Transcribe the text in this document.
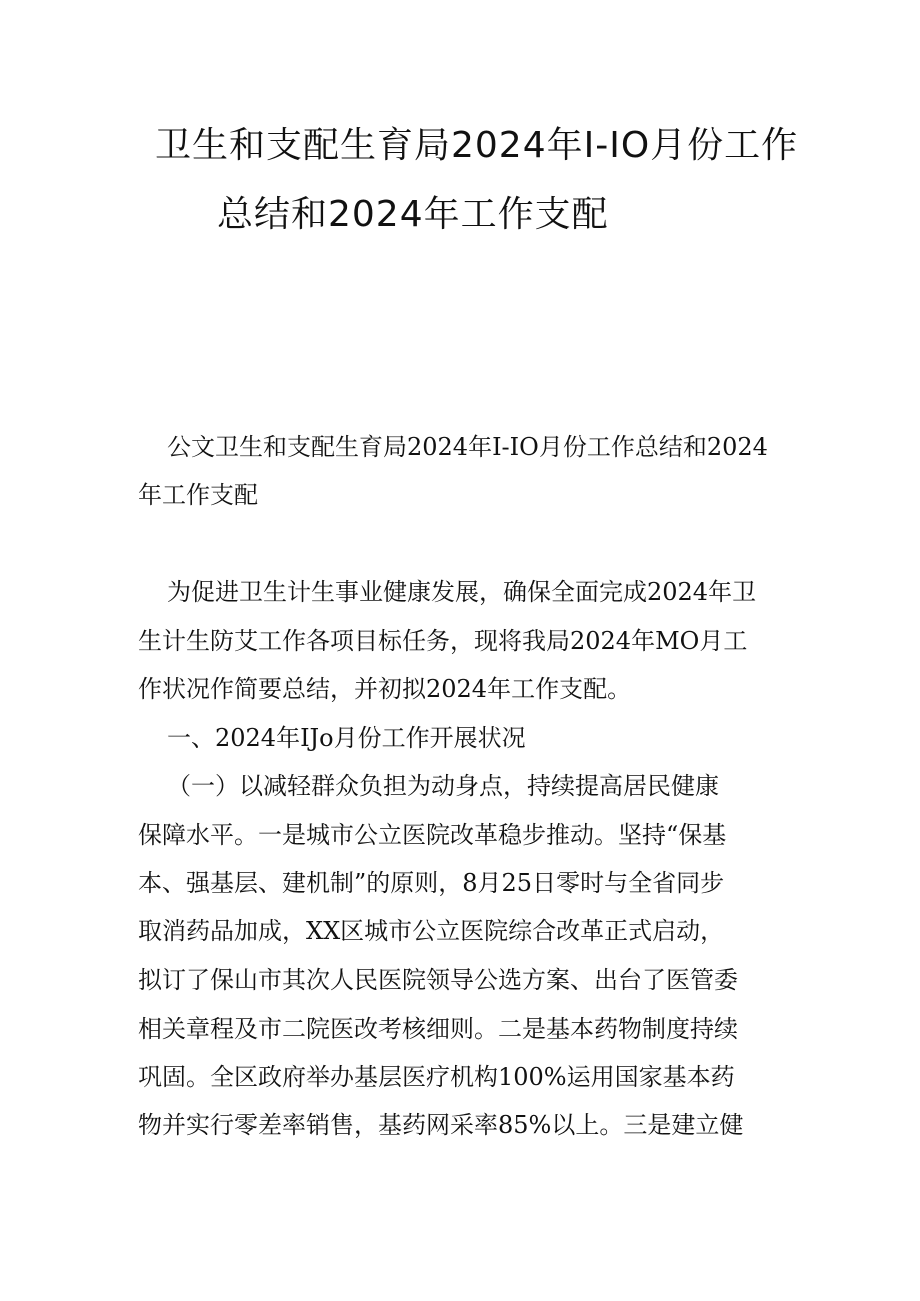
卫生和支配生育局2024年I-IO月份工作
总结和2024年工作支配

公文卫生和支配生育局2024年I-IO月份工作总结和2024

年工作支配

为促进卫生计生事业健康发展，确保全面完成2024年卫

生计生防艾工作各项目标任务，现将我局2024年MO月工

作状况作简要总结，并初拟2024年工作支配。

一、2024年IJo月份工作开展状况

（一）以减轻群众负担为动身点，持续提高居民健康

保障水平。一是城市公立医院改革稳步推动。坚持“保基

本、强基层、建机制”的原则，8月25日零时与全省同步

取消药品加成，XX区城市公立医院综合改革正式启动，

拟订了保山市其次人民医院领导公选方案、出台了医管委

相关章程及市二院医改考核细则。二是基本药物制度持续

巩固。全区政府举办基层医疗机构100%运用国家基本药

物并实行零差率销售，基药网采率85%以上。三是建立健
